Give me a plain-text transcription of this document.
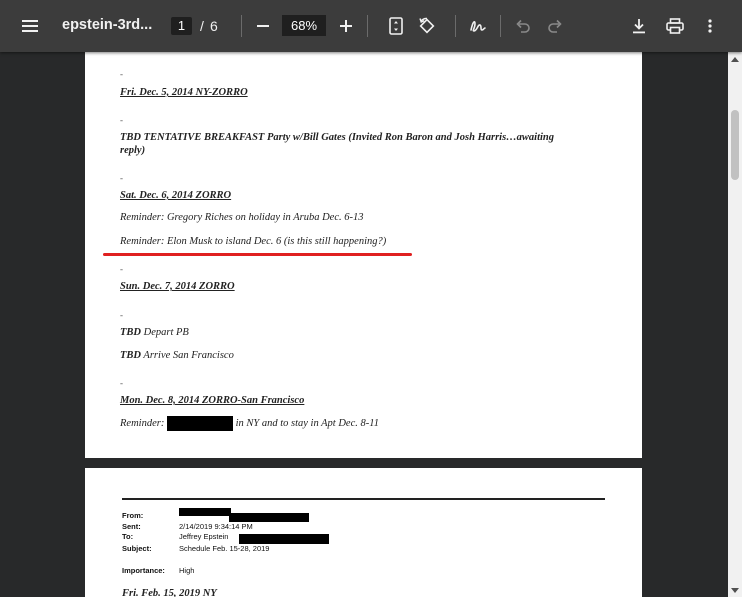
epstein-3rd...	1	/ 6	68%
-
Fri. Dec. 5, 2014 NY-ZORRO
-
TBD TENTATIVE BREAKFAST Party w/Bill Gates (Invited Ron Baron and Josh Harris…awaiting
reply)
-
Sat. Dec. 6, 2014 ZORRO
Reminder: Gregory Riches on holiday in Aruba Dec. 6-13
Reminder: Elon Musk to island Dec. 6 (is this still happening?)
-
Sun. Dec. 7, 2014 ZORRO
-
TBD Depart PB
TBD Arrive San Francisco
-
Mon. Dec. 8, 2014 ZORRO-San Francisco
Reminder:	in NY and to stay in Apt Dec. 8-11
From:
Sent:	2/14/2019 9:34:14 PM
To:	Jeffrey Epstein
Subject:	Schedule Feb. 15-28, 2019
Importance: High
Fri. Feb. 15, 2019 NY
